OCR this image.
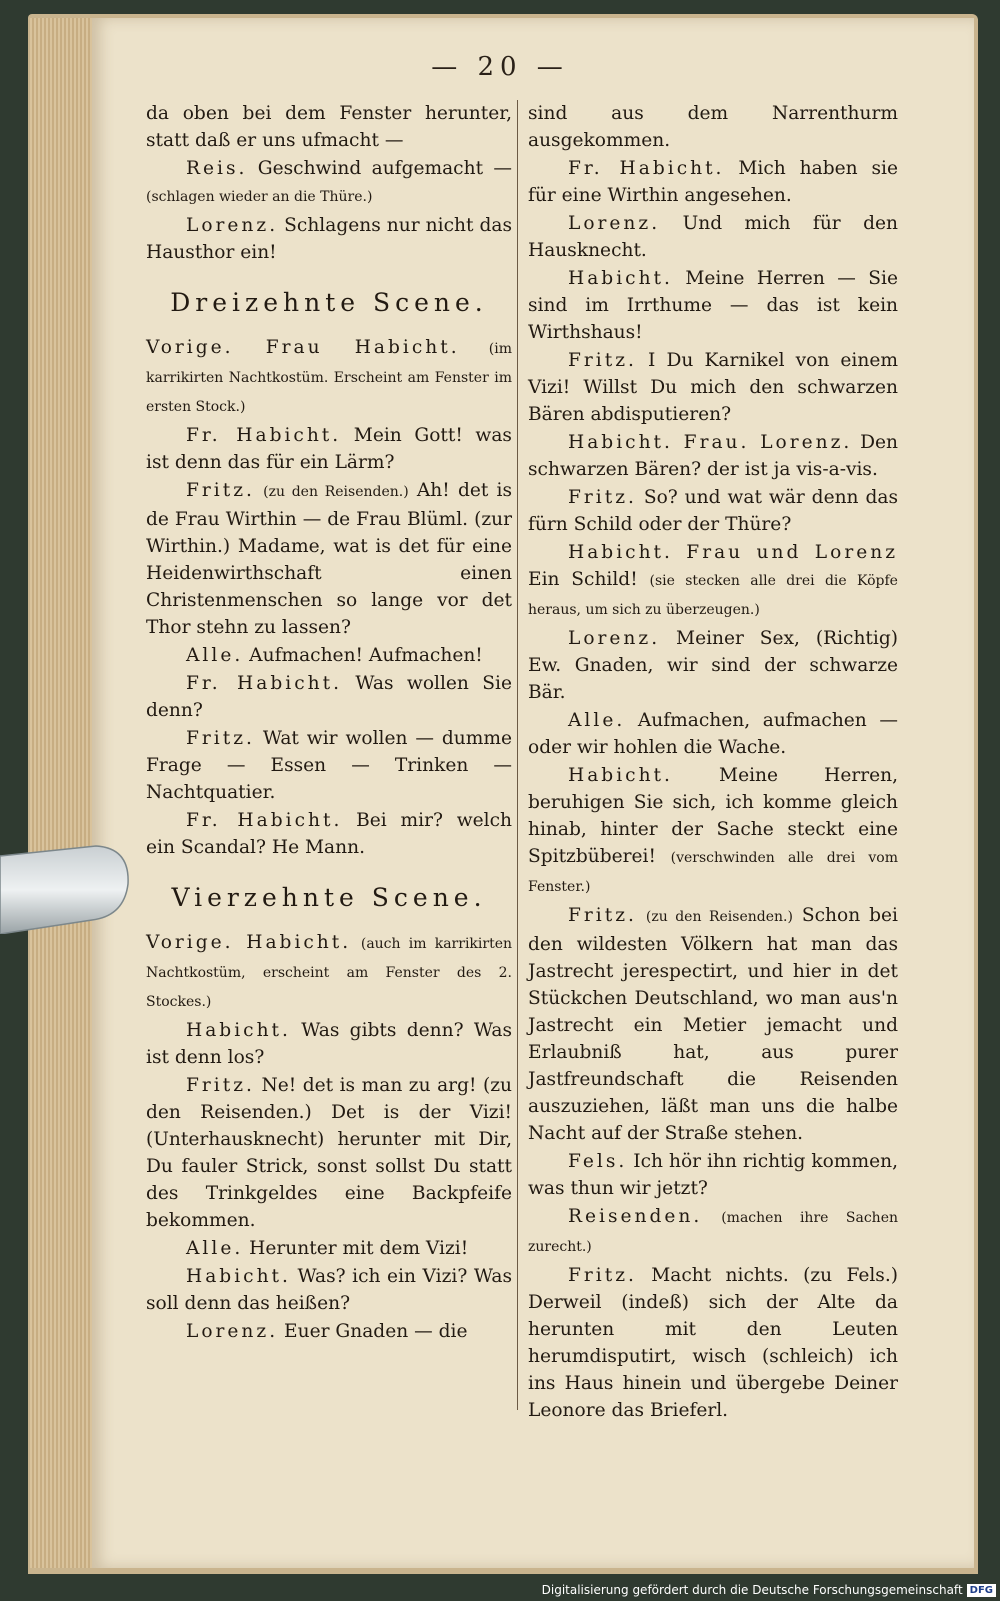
— 20 —

da oben bei dem Fenster herunter, statt daß er uns ufmacht —

Reis. Geschwind aufgemacht — (schlagen wieder an die Thüre.)

Lorenz. Schlagens nur nicht das Hausthor ein!

Dreizehnte Scene.

Vorige. Frau Habicht. (im karrikirten Nachtkostüm. Erscheint am Fenster im ersten Stock.)

Fr. Habicht. Mein Gott! was ist denn das für ein Lärm?

Fritz. (zu den Reisenden.) Ah! det is de Frau Wirthin — de Frau Blüml. (zur Wirthin.) Madame, wat is det für eine Heidenwirthschaft einen Christenmenschen so lange vor det Thor stehn zu lassen?

Alle. Aufmachen! Aufmachen!

Fr. Habicht. Was wollen Sie denn?

Fritz. Wat wir wollen — dumme Frage — Essen — Trinken — Nachtquatier.

Fr. Habicht. Bei mir? welch ein Scandal? He Mann.

Vierzehnte Scene.

Vorige. Habicht. (auch im karrikirten Nachtkostüm, erscheint am Fenster des 2. Stockes.)

Habicht. Was gibts denn? Was ist denn los?

Fritz. Ne! det is man zu arg! (zu den Reisenden.) Det is der Vizi! (Unterhausknecht) herunter mit Dir, Du fauler Strick, sonst sollst Du statt des Trinkgeldes eine Backpfeife bekommen.

Alle. Herunter mit dem Vizi!

Habicht. Was? ich ein Vizi? Was soll denn das heißen?

Lorenz. Euer Gnaden — die

sind aus dem Narrenthurm ausgekommen.

Fr. Habicht. Mich haben sie für eine Wirthin angesehen.

Lorenz. Und mich für den Hausknecht.

Habicht. Meine Herren — Sie sind im Irrthume — das ist kein Wirthshaus!

Fritz. I Du Karnikel von einem Vizi! Willst Du mich den schwarzen Bären abdisputieren?

Habicht. Frau. Lorenz. Den schwarzen Bären? der ist ja vis-a-vis.

Fritz. So? und wat wär denn das fürn Schild oder der Thüre?

Habicht. Frau und Lorenz Ein Schild! (sie stecken alle drei die Köpfe heraus, um sich zu überzeugen.)

Lorenz. Meiner Sex, (Richtig) Ew. Gnaden, wir sind der schwarze Bär.

Alle. Aufmachen, aufmachen — oder wir hohlen die Wache.

Habicht. Meine Herren, beruhigen Sie sich, ich komme gleich hinab, hinter der Sache steckt eine Spitzbüberei! (verschwinden alle drei vom Fenster.)

Fritz. (zu den Reisenden.) Schon bei den wildesten Völkern hat man das Jastrecht jerespectirt, und hier in det Stückchen Deutschland, wo man aus'n Jastrecht ein Metier jemacht und Erlaubniß hat, aus purer Jastfreundschaft die Reisenden auszuziehen, läßt man uns die halbe Nacht auf der Straße stehen.

Fels. Ich hör ihn richtig kommen, was thun wir jetzt?

Reisenden. (machen ihre Sachen zurecht.)

Fritz. Macht nichts. (zu Fels.) Derweil (indeß) sich der Alte da herunten mit den Leuten herumdisputirt, wisch (schleich) ich ins Haus hinein und übergebe Deiner Leonore das Brieferl.

Digitalisierung gefördert durch die Deutsche Forschungsgemeinschaft DFG
